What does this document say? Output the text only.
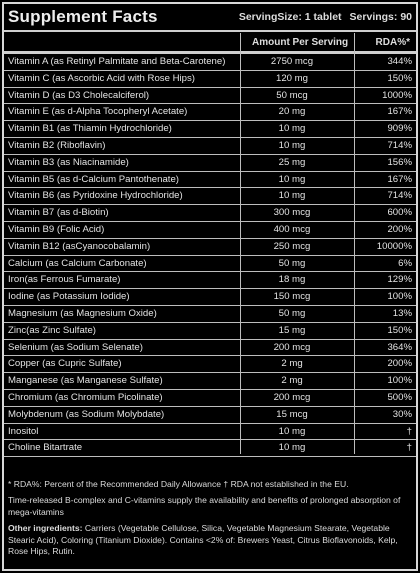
Supplement Facts	ServingSize: 1 tablet Servings: 90
Amount Per Serving	RDA%*
Vitamin A (as Retinyl Palmitate and Beta-Carotene)	2750 mcg	344%
Vitamin C (as Ascorbic Acid with Rose Hips)	120 mg	150%
Vitamin D (as D3 Cholecalciferol)	50 mcg	1000%
Vitamin E (as d-Alpha Tocopheryl Acetate)	20 mg	167%
Vitamin B1 (as Thiamin Hydrochloride)	10 mg	909%
Vitamin B2 (Riboflavin)	10 mg	714%
Vitamin B3 (as Niacinamide)	25 mg	156%
Vitamin B5 (as d-Calcium Pantothenate)	10 mg	167%
Vitamin B6 (as Pyridoxine Hydrochloride)	10 mg	714%
Vitamin B7 (as d-Biotin)	300 mcg	600%
Vitamin B9 (Folic Acid)	400 mcg	200%
Vitamin B12 (asCyanocobalamin)	250 mcg	10000%
Calcium (as Calcium Carbonate)	50 mg	6%
Iron(as Ferrous Fumarate)	18 mg	129%
Iodine (as Potassium Iodide)	150 mcg	100%
Magnesium (as Magnesium Oxide)	50 mg	13%
Zinc(as Zinc Sulfate)	15 mg	150%
Selenium (as Sodium Selenate)	200 mcg	364%
Copper (as Cupric Sulfate)	2 mg	200%
Manganese (as Manganese Sulfate)	2 mg	100%
Chromium (as Chromium Picolinate)	200 mcg	500%
Molybdenum (as Sodium Molybdate)	15 mcg	30%
Inositol	10 mg	†
Choline Bitartrate	10 mg	†

* RDA%: Percent of the Recommended Daily Allowance † RDA not established in the EU.

Time-released B-complex and C-vitamins supply the availability and benefits of prolonged absorption of mega-vitamins

Other ingredients: Carriers (Vegetable Cellulose, Silica, Vegetable Magnesium Stearate, Vegetable Stearic Acid), Coloring (Titanium Dioxide). Contains <2% of: Brewers Yeast, Citrus Bioflavonoids, Kelp, Rose Hips, Rutin.
